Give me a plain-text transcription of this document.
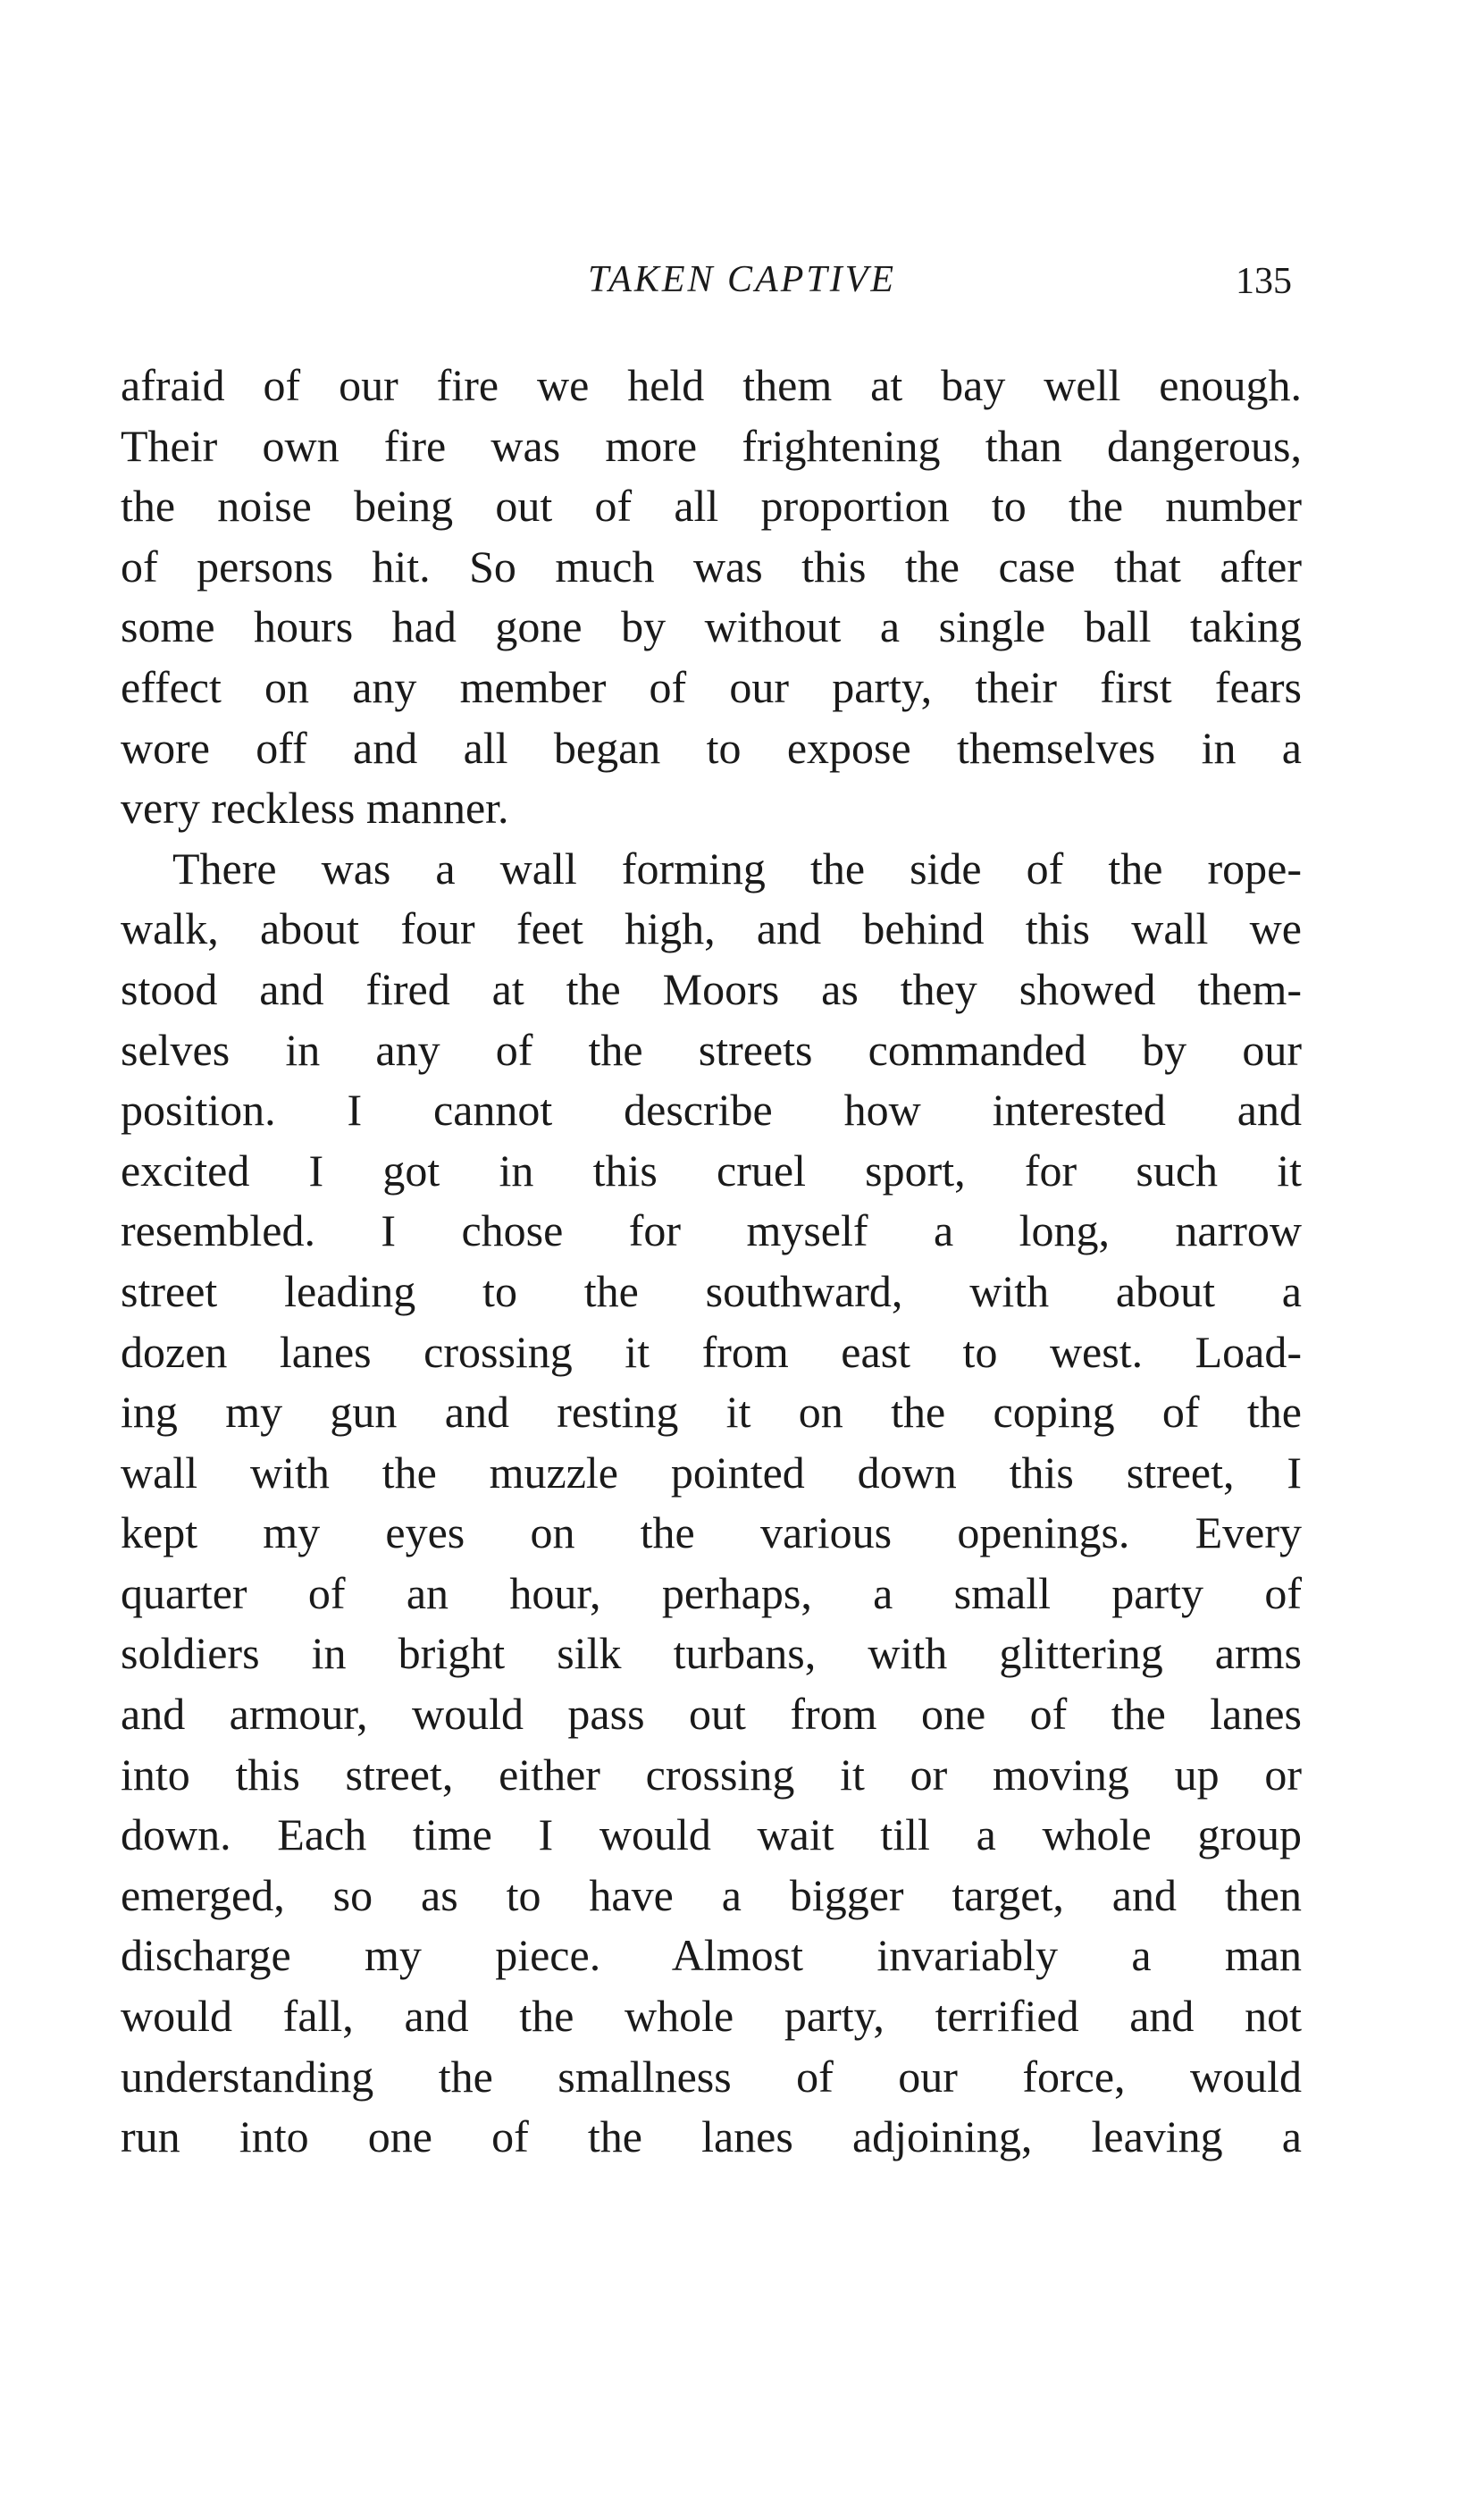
TAKEN CAPTIVE	135
afraid of our fire we held them at bay well enough.
Their own fire was more frightening than dangerous,
the noise being out of all proportion to the number
of persons hit. So much was this the case that after
some hours had gone by without a single ball taking
effect on any member of our party, their first fears
wore off and all began to expose themselves in a
very reckless manner.
There was a wall forming the side of the rope-
walk, about four feet high, and behind this wall we
stood and fired at the Moors as they showed them-
selves in any of the streets commanded by our
position. I cannot describe how interested and
excited I got in this cruel sport, for such it
resembled. I chose for myself a long, narrow
street leading to the southward, with about a
dozen lanes crossing it from east to west. Load-
ing my gun and resting it on the coping of the
wall with the muzzle pointed down this street, I
kept my eyes on the various openings. Every
quarter of an hour, perhaps, a small party of
soldiers in bright silk turbans, with glittering arms
and armour, would pass out from one of the lanes
into this street, either crossing it or moving up or
down. Each time I would wait till a whole group
emerged, so as to have a bigger target, and then
discharge my piece. Almost invariably a man
would fall, and the whole party, terrified and not
understanding the smallness of our force, would
run into one of the lanes adjoining, leaving a
